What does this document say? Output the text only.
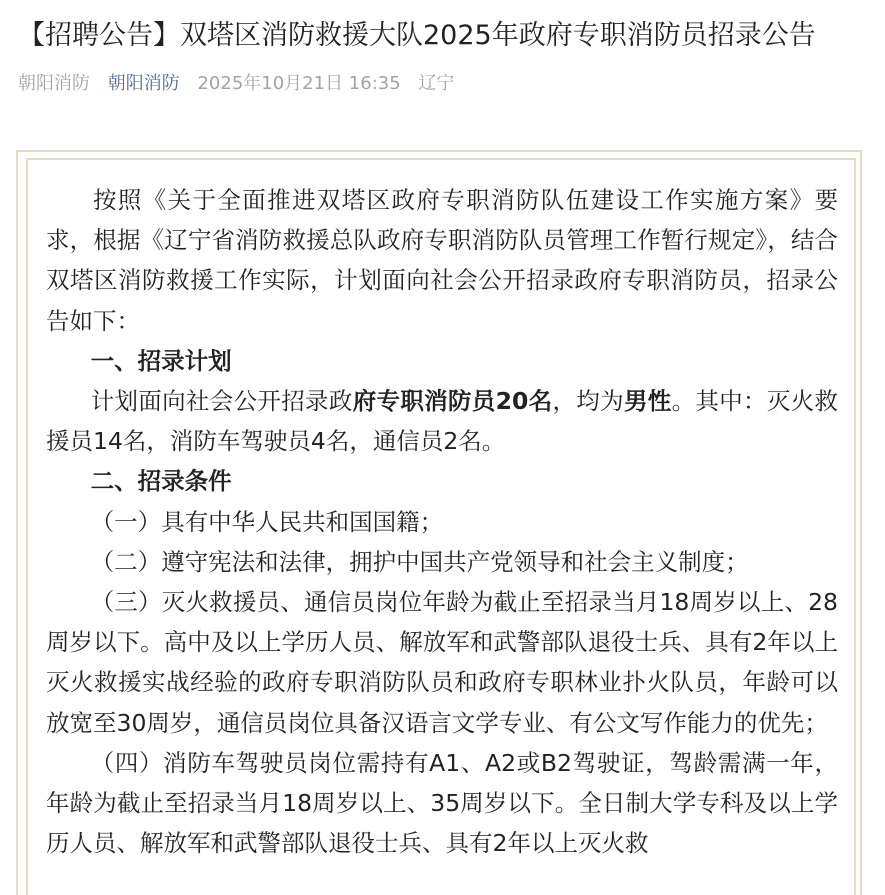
【招聘公告】双塔区消防救援大队2025年政府专职消防员招录公告
朝阳消防 朝阳消防 2025年10月21日 16:35 辽宁

按照《关于全面推进双塔区政府专职消防队伍建设工作实施方案》要求，根据《辽宁省消防救援总队政府专职消防队员管理工作暂行规定》，结合双塔区消防救援工作实际，计划面向社会公开招录政府专职消防员，招录公告如下：

一、招录计划

计划面向社会公开招录政府专职消防员20名，均为男性。其中：灭火救援员14名，消防车驾驶员4名，通信员2名。

二、招录条件

（一）具有中华人民共和国国籍；

（二）遵守宪法和法律，拥护中国共产党领导和社会主义制度；

（三）灭火救援员、通信员岗位年龄为截止至招录当月18周岁以上、28周岁以下。高中及以上学历人员、解放军和武警部队退役士兵、具有2年以上灭火救援实战经验的政府专职消防队员和政府专职林业扑火队员，年龄可以放宽至30周岁，通信员岗位具备汉语言文学专业、有公文写作能力的优先；

（四）消防车驾驶员岗位需持有A1、A2或B2驾驶证，驾龄需满一年，年龄为截止至招录当月18周岁以上、35周岁以下。全日制大学专科及以上学历人员、解放军和武警部队退役士兵、具有2年以上灭火救
